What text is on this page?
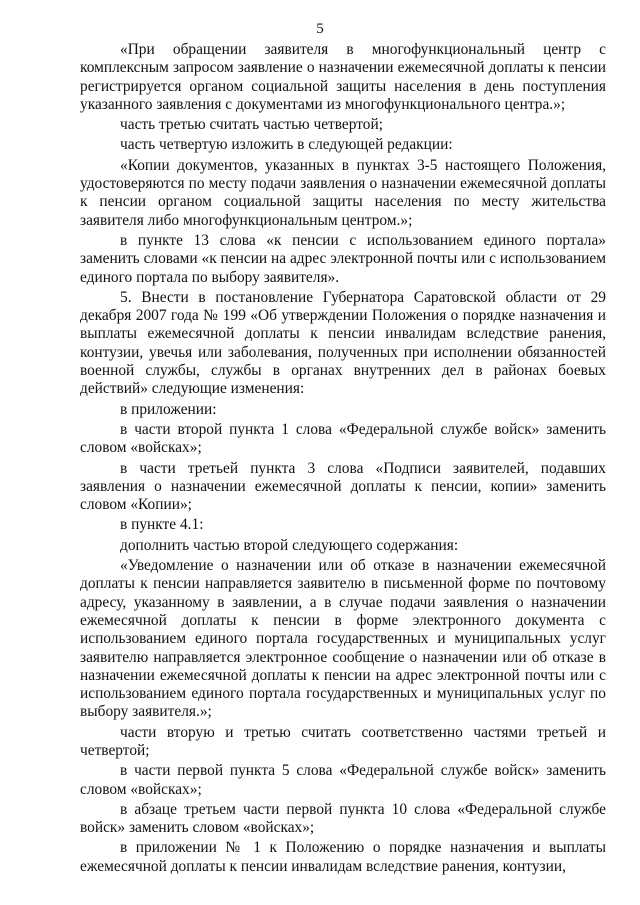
5

«При обращении заявителя в многофункциональный центр с комплексным запросом заявление о назначении ежемесячной доплаты к пенсии регистрируется органом социальной защиты населения в день поступления указанного заявления с документами из многофункционального центра.»;

часть третью считать частью четвертой;

часть четвертую изложить в следующей редакции:

«Копии документов, указанных в пунктах 3-5 настоящего Положения, удостоверяются по месту подачи заявления о назначении ежемесячной доплаты к пенсии органом социальной защиты населения по месту жительства заявителя либо многофункциональным центром.»;

в пункте 13 слова «к пенсии с использованием единого портала» заменить словами «к пенсии на адрес электронной почты или с использованием единого портала по выбору заявителя».

5. Внести в постановление Губернатора Саратовской области от 29 декабря 2007 года № 199 «Об утверждении Положения о порядке назначения и выплаты ежемесячной доплаты к пенсии инвалидам вследствие ранения, контузии, увечья или заболевания, полученных при исполнении обязанностей военной службы, службы в органах внутренних дел в районах боевых действий» следующие изменения:

в приложении:

в части второй пункта 1 слова «Федеральной службе войск» заменить словом «войсках»;

в части третьей пункта 3 слова «Подписи заявителей, подавших заявления о назначении ежемесячной доплаты к пенсии, копии» заменить словом «Копии»;

в пункте 4.1:

дополнить частью второй следующего содержания:

«Уведомление о назначении или об отказе в назначении ежемесячной доплаты к пенсии направляется заявителю в письменной форме по почтовому адресу, указанному в заявлении, а в случае подачи заявления о назначении ежемесячной доплаты к пенсии в форме электронного документа с использованием единого портала государственных и муниципальных услуг заявителю направляется электронное сообщение о назначении или об отказе в назначении ежемесячной доплаты к пенсии на адрес электронной почты или с использованием единого портала государственных и муниципальных услуг по выбору заявителя.»;

части вторую и третью считать соответственно частями третьей и четвертой;

в части первой пункта 5 слова «Федеральной службе войск» заменить словом «войсках»;

в абзаце третьем части первой пункта 10 слова «Федеральной службе войск» заменить словом «войсках»;

в приложении № 1 к Положению о порядке назначения и выплаты ежемесячной доплаты к пенсии инвалидам вследствие ранения, контузии,
